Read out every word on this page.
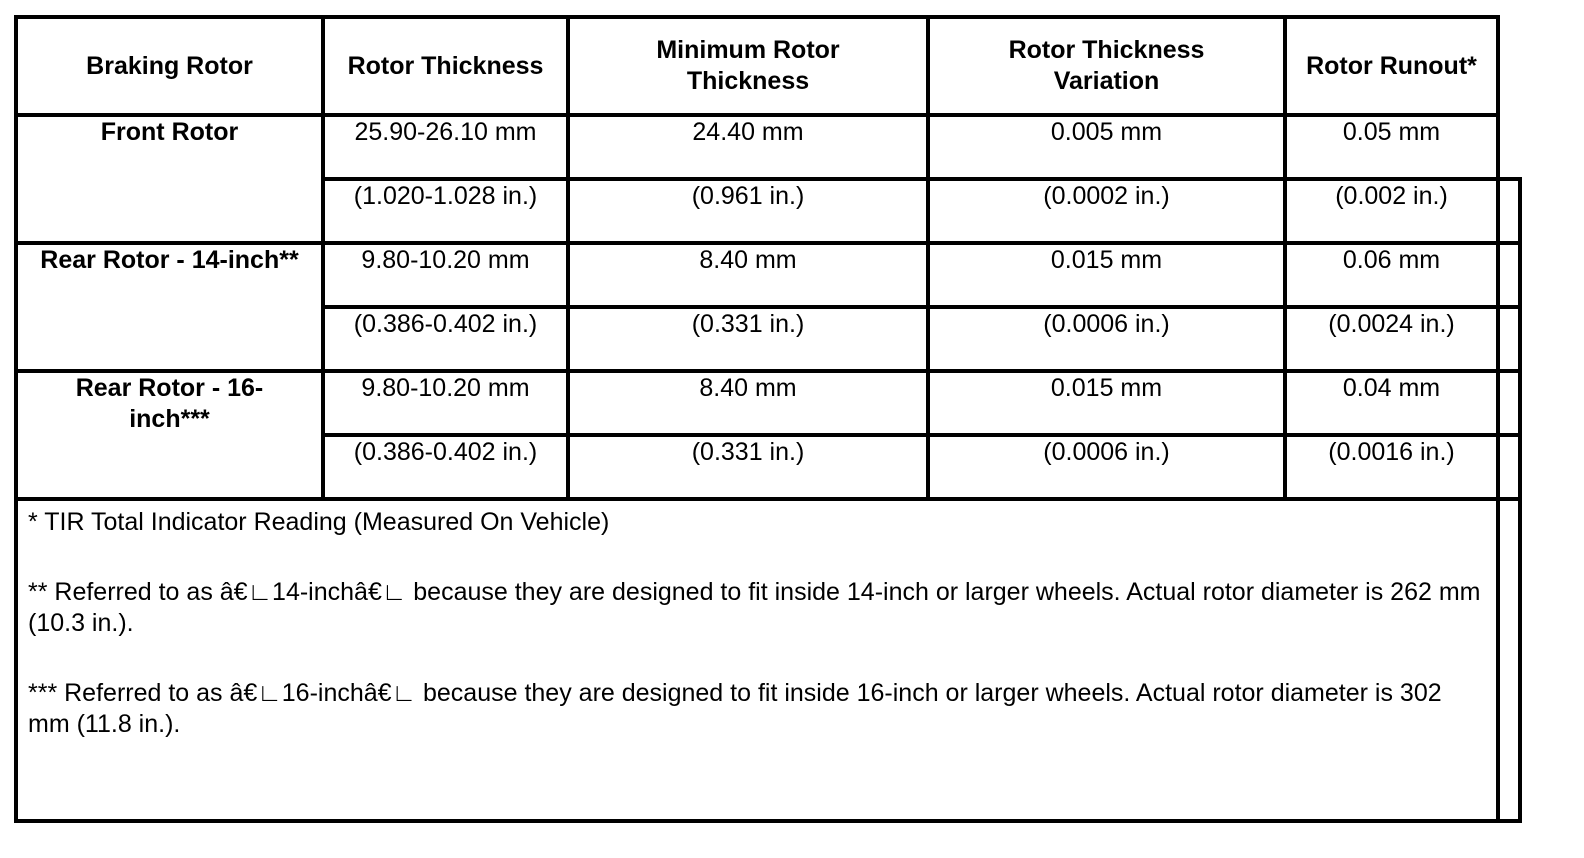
Braking Rotor	Rotor Thickness	Minimum Rotor Thickness	Rotor Thickness Variation	Rotor Runout*	
Front Rotor	25.90-26.10 mm	24.40 mm	0.005 mm	0.05 mm	
	(1.020-1.028 in.)	(0.961 in.)	(0.0002 in.)	(0.002 in.)	
Rear Rotor - 14-inch**	9.80-10.20 mm	8.40 mm	0.015 mm	0.06 mm	
	(0.386-0.402 in.)	(0.331 in.)	(0.0006 in.)	(0.0024 in.)	
Rear Rotor - 16-inch***	9.80-10.20 mm	8.40 mm	0.015 mm	0.04 mm	
	(0.386-0.402 in.)	(0.331 in.)	(0.0006 in.)	(0.0016 in.)	

* TIR Total Indicator Reading (Measured On Vehicle)

** Referred to as â€∟14-inchâ€∟ because they are designed to fit inside 14-inch or larger wheels. Actual rotor diameter is 262 mm (10.3 in.).

*** Referred to as â€∟16-inchâ€∟ because they are designed to fit inside 16-inch or larger wheels. Actual rotor diameter is 302 mm (11.8 in.).					
